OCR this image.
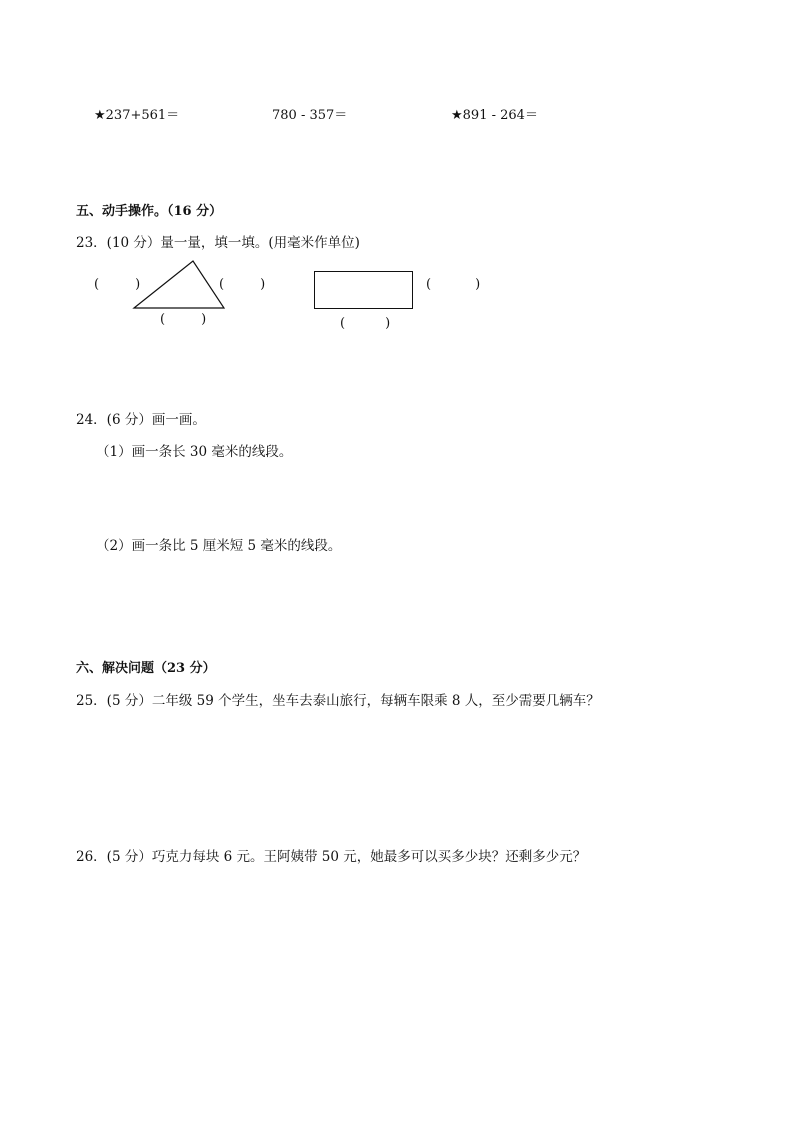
★237+561＝	780 - 357＝	★891 - 264＝
五、动手操作。（16 分）
23．(10 分）量一量，填一填。(用毫米作单位)
(	)	(	)
(	)
(	)
(	)
24．(6 分）画一画。
（1）画一条长 30 毫米的线段。
（2）画一条比 5 厘米短 5 毫米的线段。
六、解决问题（23 分）
25．(5 分）二年级 59 个学生，坐车去泰山旅行，每辆车限乘 8 人，至少需要几辆车？
26．(5 分）巧克力每块 6 元。王阿姨带 50 元，她最多可以买多少块？还剩多少元？
